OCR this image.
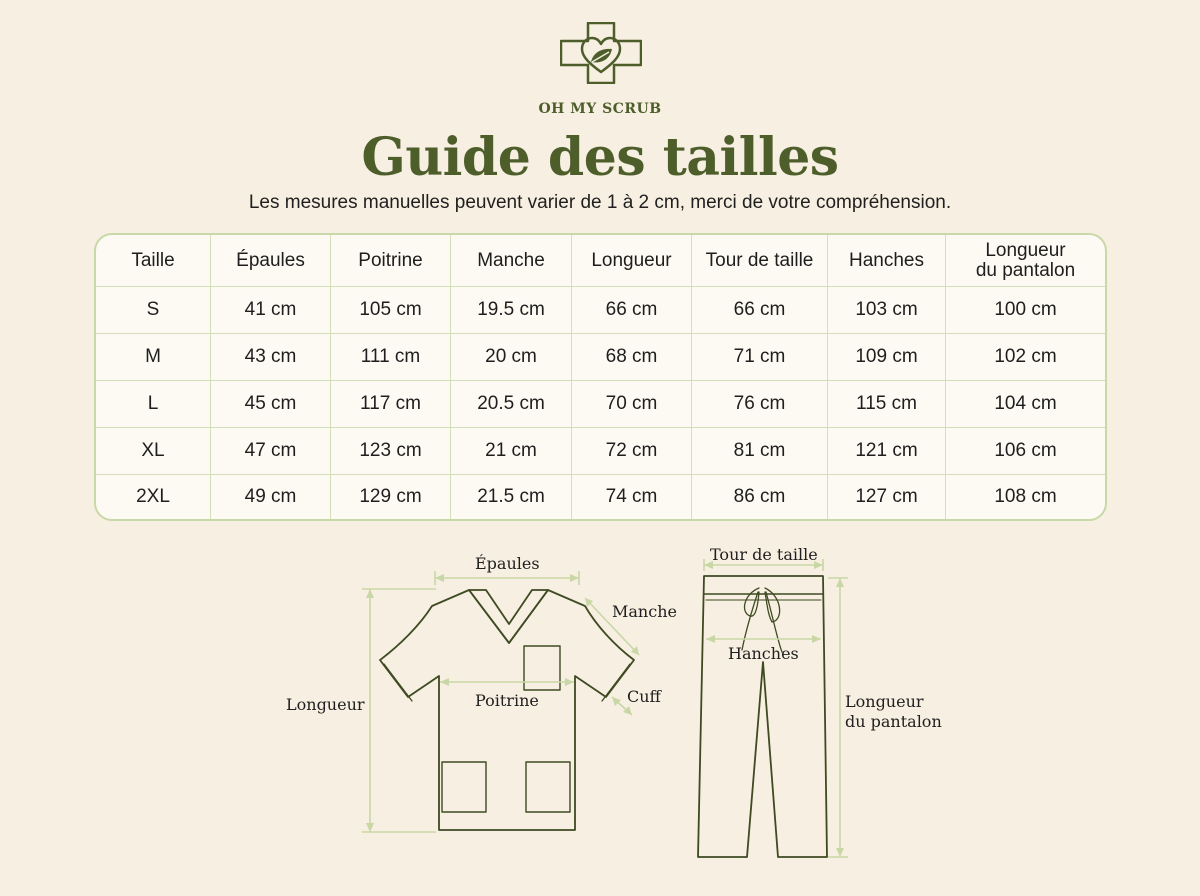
OH MY SCRUB
Guide des tailles
Les mesures manuelles peuvent varier de 1 à 2 cm, merci de votre compréhension.
Taille	Épaules	Poitrine	Manche	Longueur	Tour de taille	Hanches	Longueur
du pantalon
S	41 cm	105 cm	19.5 cm	66 cm	66 cm	103 cm	100 cm
M	43 cm	111 cm	20 cm	68 cm	71 cm	109 cm	102 cm
L	45 cm	117 cm	20.5 cm	70 cm	76 cm	115 cm	104 cm
XL	47 cm	123 cm	21 cm	72 cm	81 cm	121 cm	106 cm
2XL	49 cm	129 cm	21.5 cm	74 cm	86 cm	127 cm	108 cm
Épaules
Manche
Poitrine	Cuff
Longueur
Tour de taille
Hanches
Longueur
du pantalon
